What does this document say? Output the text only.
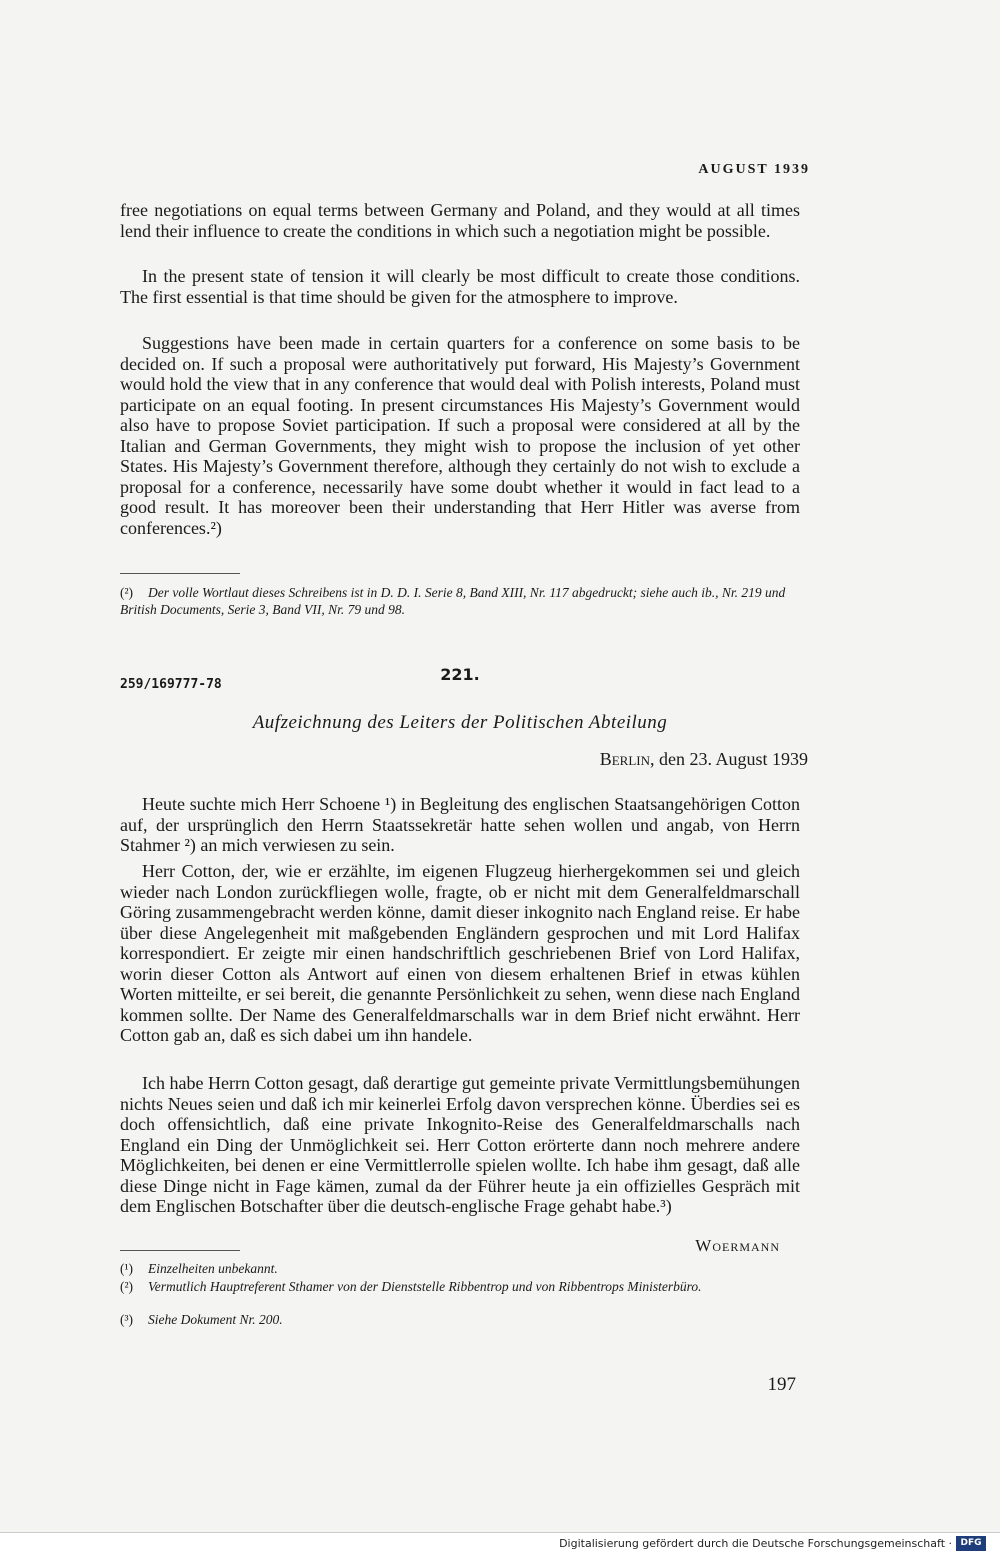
AUGUST 1939

free negotiations on equal terms between Germany and Poland, and they would at all times lend their influence to create the conditions in which such a negotiation might be possible.

In the present state of tension it will clearly be most difficult to create those conditions. The first essential is that time should be given for the atmosphere to improve.

Suggestions have been made in certain quarters for a conference on some basis to be decided on. If such a proposal were authoritatively put forward, His Majesty’s Government would hold the view that in any conference that would deal with Polish interests, Poland must participate on an equal footing. In present circumstances His Majesty’s Government would also have to propose Soviet participation. If such a proposal were considered at all by the Italian and German Governments, they might wish to propose the inclusion of yet other States. His Majesty’s Government therefore, although they certainly do not wish to exclude a proposal for a conference, necessarily have some doubt whether it would in fact lead to a good result. It has moreover been their understanding that Herr Hitler was averse from conferences.²)

(²) Der volle Wortlaut dieses Schreibens ist in D. D. I. Serie 8, Band XIII, Nr. 117 abgedruckt; siehe auch ib., Nr. 219 und British Documents, Serie 3, Band VII, Nr. 79 und 98.

221.
259/169777-78
Aufzeichnung des Leiters der Politischen Abteilung
Berlin, den 23. August 1939

Heute suchte mich Herr Schoene ¹) in Begleitung des englischen Staatsangehörigen Cotton auf, der ursprünglich den Herrn Staatssekretär hatte sehen wollen und angab, von Herrn Stahmer ²) an mich verwiesen zu sein.

Herr Cotton, der, wie er erzählte, im eigenen Flugzeug hierhergekommen sei und gleich wieder nach London zurückfliegen wolle, fragte, ob er nicht mit dem Generalfeldmarschall Göring zusammengebracht werden könne, damit dieser inkognito nach England reise. Er habe über diese Angelegenheit mit maßgebenden Engländern gesprochen und mit Lord Halifax korrespondiert. Er zeigte mir einen handschriftlich geschriebenen Brief von Lord Halifax, worin dieser Cotton als Antwort auf einen von diesem erhaltenen Brief in etwas kühlen Worten mitteilte, er sei bereit, die genannte Persönlichkeit zu sehen, wenn diese nach England kommen sollte. Der Name des Generalfeldmarschalls war in dem Brief nicht erwähnt. Herr Cotton gab an, daß es sich dabei um ihn handele.

Ich habe Herrn Cotton gesagt, daß derartige gut gemeinte private Vermittlungsbemühungen nichts Neues seien und daß ich mir keinerlei Erfolg davon versprechen könne. Überdies sei es doch offensichtlich, daß eine private Inkognito-Reise des Generalfeldmarschalls nach England ein Ding der Unmöglichkeit sei. Herr Cotton erörterte dann noch mehrere andere Möglichkeiten, bei denen er eine Vermittlerrolle spielen wollte. Ich habe ihm gesagt, daß alle diese Dinge nicht in Fage kämen, zumal da der Führer heute ja ein offizielles Gespräch mit dem Englischen Botschafter über die deutsch-englische Frage gehabt habe.³)

Woermann

(¹) Einzelheiten unbekannt.

(²) Vermutlich Hauptreferent Sthamer von der Dienststelle Ribbentrop und von Ribbentrops Ministerbüro.

(³) Siehe Dokument Nr. 200.

197
Digitalisierung gefördert durch die Deutsche Forschungsgemeinschaft · DFG
